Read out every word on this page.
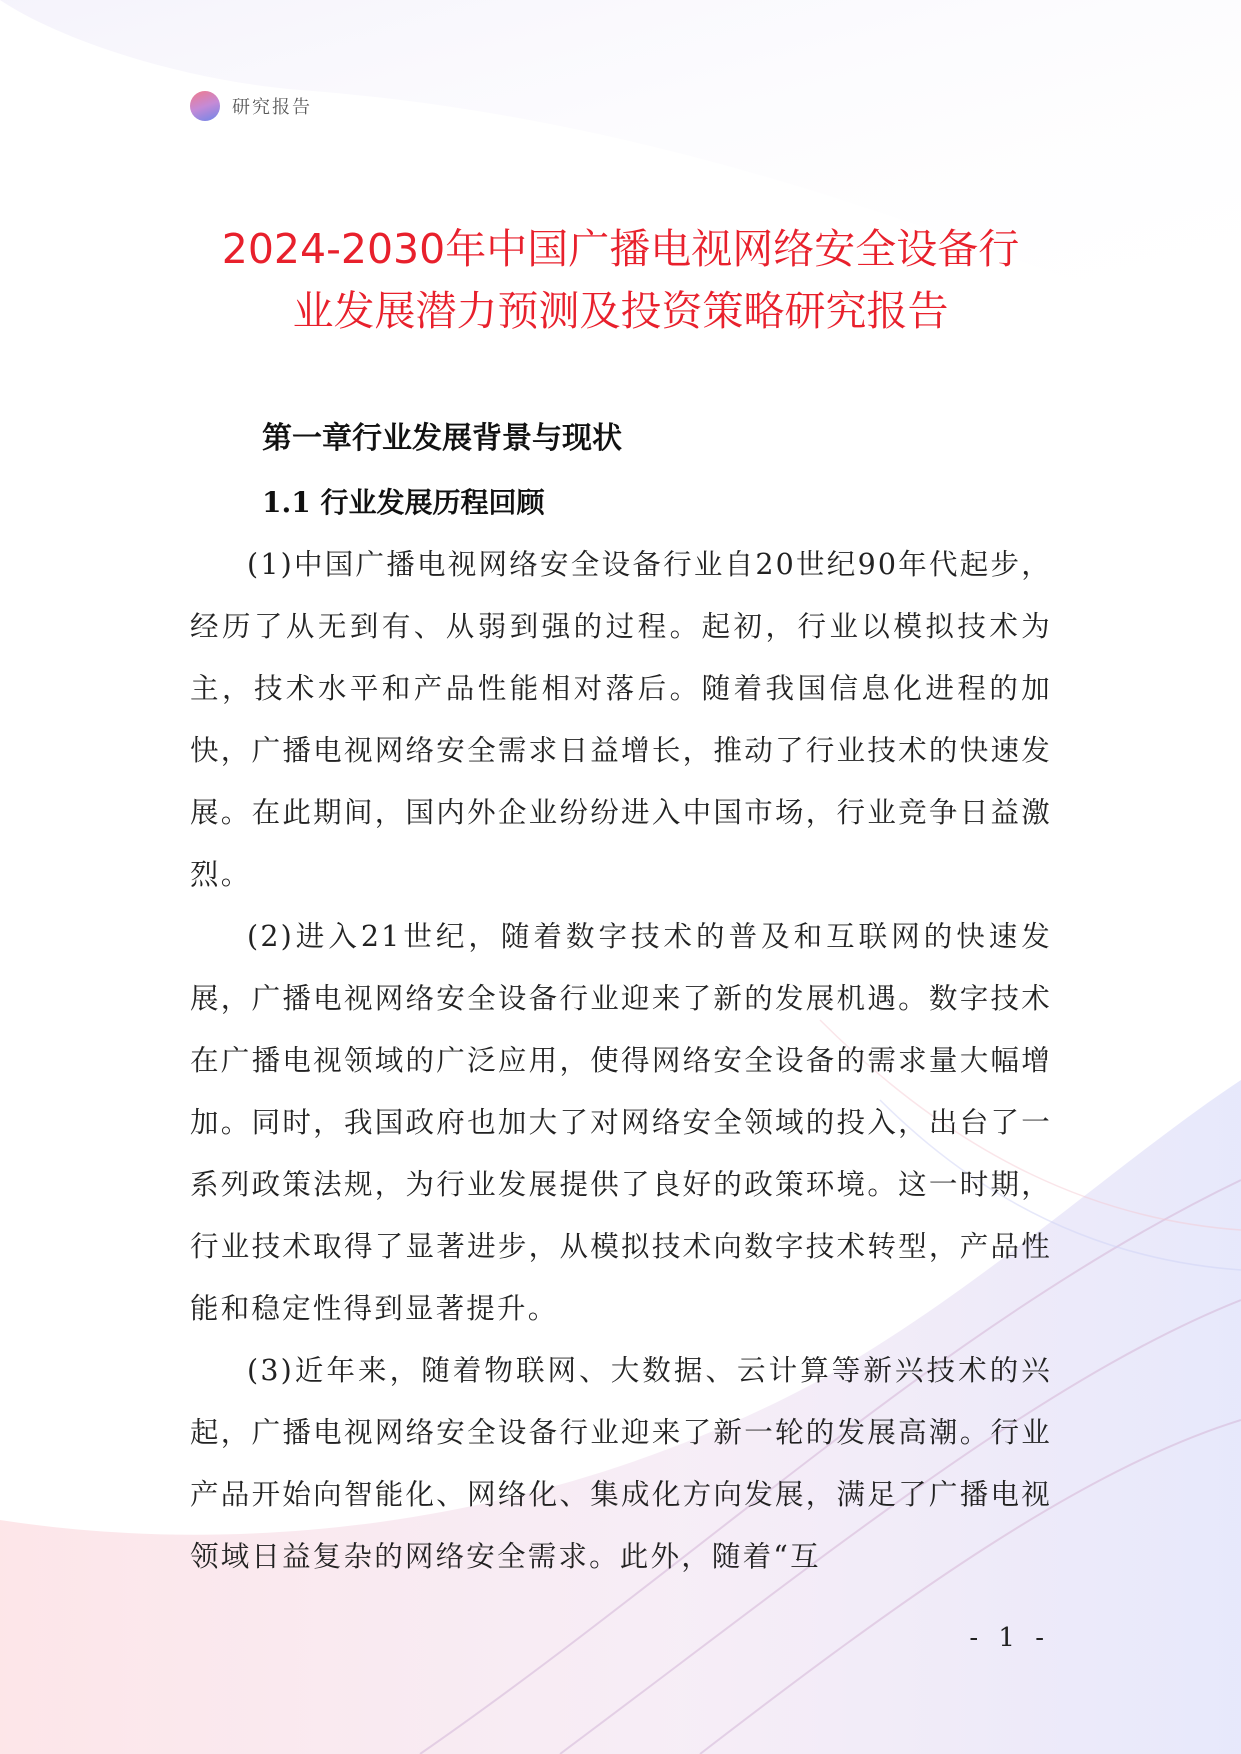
研究报告
2024-2030年中国广播电视网络安全设备行
业发展潜力预测及投资策略研究报告
第一章行业发展背景与现状
1.1 行业发展历程回顾

(1)中国广播电视网络安全设备行业自20世纪90年代起步，经历了从无到有、从弱到强的过程。起初，行业以模拟技术为主，技术水平和产品性能相对落后。随着我国信息化进程的加快，广播电视网络安全需求日益增长，推动了行业技术的快速发展。在此期间，国内外企业纷纷进入中国市场，行业竞争日益激烈。

(2)进入21世纪，随着数字技术的普及和互联网的快速发展，广播电视网络安全设备行业迎来了新的发展机遇。数字技术在广播电视领域的广泛应用，使得网络安全设备的需求量大幅增加。同时，我国政府也加大了对网络安全领域的投入，出台了一系列政策法规，为行业发展提供了良好的政策环境。这一时期，行业技术取得了显著进步，从模拟技术向数字技术转型，产品性能和稳定性得到显著提升。

(3)近年来，随着物联网、大数据、云计算等新兴技术的兴起，广播电视网络安全设备行业迎来了新一轮的发展高潮。行业产品开始向智能化、网络化、集成化方向发展，满足了广播电视领域日益复杂的网络安全需求。此外，随着“互

- 1 -
